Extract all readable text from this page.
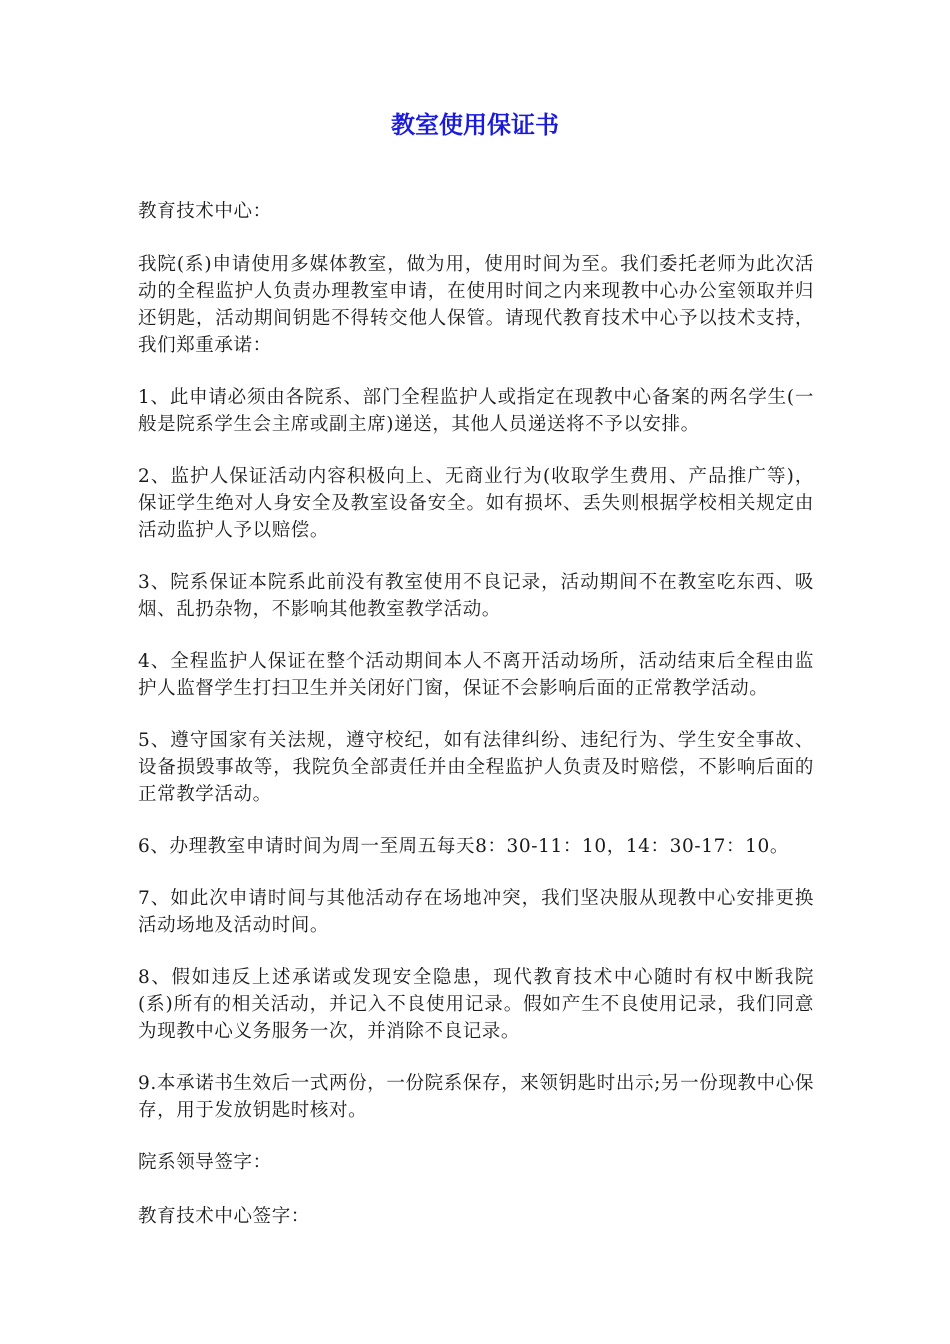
教室使用保证书

教育技术中心：

我院(系)申请使用多媒体教室，做为用，使用时间为至。我们委托老师为此次活动的全程监护人负责办理教室申请，在使用时间之内来现教中心办公室领取并归还钥匙，活动期间钥匙不得转交他人保管。请现代教育技术中心予以技术支持，我们郑重承诺：

1、此申请必须由各院系、部门全程监护人或指定在现教中心备案的两名学生(一般是院系学生会主席或副主席)递送，其他人员递送将不予以安排。

2、监护人保证活动内容积极向上、无商业行为(收取学生费用、产品推广等)，保证学生绝对人身安全及教室设备安全。如有损坏、丢失则根据学校相关规定由活动监护人予以赔偿。

3、院系保证本院系此前没有教室使用不良记录，活动期间不在教室吃东西、吸烟、乱扔杂物，不影响其他教室教学活动。

4、全程监护人保证在整个活动期间本人不离开活动场所，活动结束后全程由监护人监督学生打扫卫生并关闭好门窗，保证不会影响后面的正常教学活动。

5、遵守国家有关法规，遵守校纪，如有法律纠纷、违纪行为、学生安全事故、设备损毁事故等，我院负全部责任并由全程监护人负责及时赔偿，不影响后面的正常教学活动。

6、办理教室申请时间为周一至周五每天8：30-11：10，14：30-17：10。

7、如此次申请时间与其他活动存在场地冲突，我们坚决服从现教中心安排更换活动场地及活动时间。

8、假如违反上述承诺或发现安全隐患，现代教育技术中心随时有权中断我院(系)所有的相关活动，并记入不良使用记录。假如产生不良使用记录，我们同意为现教中心义务服务一次，并消除不良记录。

9.本承诺书生效后一式两份，一份院系保存，来领钥匙时出示;另一份现教中心保存，用于发放钥匙时核对。

院系领导签字：

教育技术中心签字：
